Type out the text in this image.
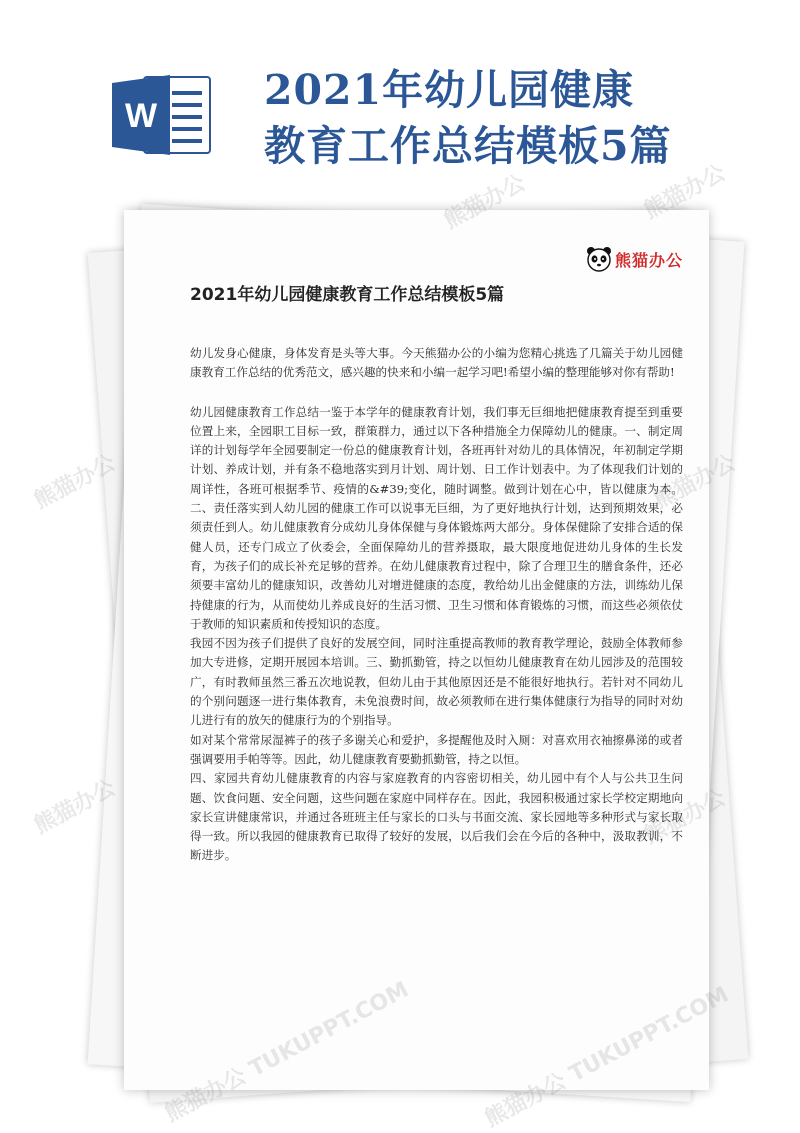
W
2021年幼儿园健康
教育工作总结模板5篇
熊猫办公
2021年幼儿园健康教育工作总结模板5篇

幼儿发身心健康，身体发育是头等大事。今天熊猫办公的小编为您精心挑选了几篇关于幼儿园健康教育工作总结的优秀范文，感兴趣的快来和小编一起学习吧!希望小编的整理能够对你有帮助!

幼儿园健康教育工作总结一鉴于本学年的健康教育计划，我们事无巨细地把健康教育提至到重要位置上来，全园职工目标一致，群策群力，通过以下各种措施全力保障幼儿的健康。一、制定周详的计划每学年全园要制定一份总的健康教育计划，各班再针对幼儿的具体情况，年初制定学期计划、养成计划，并有条不稳地落实到月计划、周计划、日工作计划表中。为了体现我们计划的周详性，各班可根据季节、疫情的&#39;变化，随时调整。做到计划在心中，皆以健康为本。二、责任落实到人幼儿园的健康工作可以说事无巨细，为了更好地执行计划，达到预期效果，必须责任到人。幼儿健康教育分成幼儿身体保健与身体锻炼两大部分。身体保健除了安排合适的保健人员，还专门成立了伙委会，全面保障幼儿的营养摄取，最大限度地促进幼儿身体的生长发育，为孩子们的成长补充足够的营养。在幼儿健康教育过程中，除了合理卫生的膳食条件，还必须要丰富幼儿的健康知识，改善幼儿对增进健康的态度，教给幼儿出金健康的方法，训练幼儿保持健康的行为，从而使幼儿养成良好的生活习惯、卫生习惯和体育锻炼的习惯，而这些必须依仗于教师的知识素质和传授知识的态度。

我园不因为孩子们提供了良好的发展空间，同时注重提高教师的教育教学理论，鼓励全体教师参加大专进修，定期开展园本培训。三、勤抓勤管，持之以恒幼儿健康教育在幼儿园涉及的范围较广，有时教师虽然三番五次地说教，但幼儿由于其他原因还是不能很好地执行。若针对不同幼儿的个别问题逐一进行集体教育，未免浪费时间，故必须教师在进行集体健康行为指导的同时对幼儿进行有的放矢的健康行为的个别指导。

如对某个常常尿湿裤子的孩子多谢关心和爱护，多提醒他及时入厕：对喜欢用衣袖擦鼻涕的或者强调要用手帕等等。因此，幼儿健康教育要勤抓勤管，持之以恒。

四、家园共育幼儿健康教育的内容与家庭教育的内容密切相关，幼儿园中有个人与公共卫生问题、饮食问题、安全问题，这些问题在家庭中同样存在。因此，我园积极通过家长学校定期地向家长宣讲健康常识，并通过各班班主任与家长的口头与书面交流、家长园地等多种形式与家长取得一致。所以我园的健康教育已取得了较好的发展，以后我们会在今后的各种中，汲取教训，不断进步。

熊猫办公
熊猫办公
熊猫办公
熊猫办公
熊猫办公
